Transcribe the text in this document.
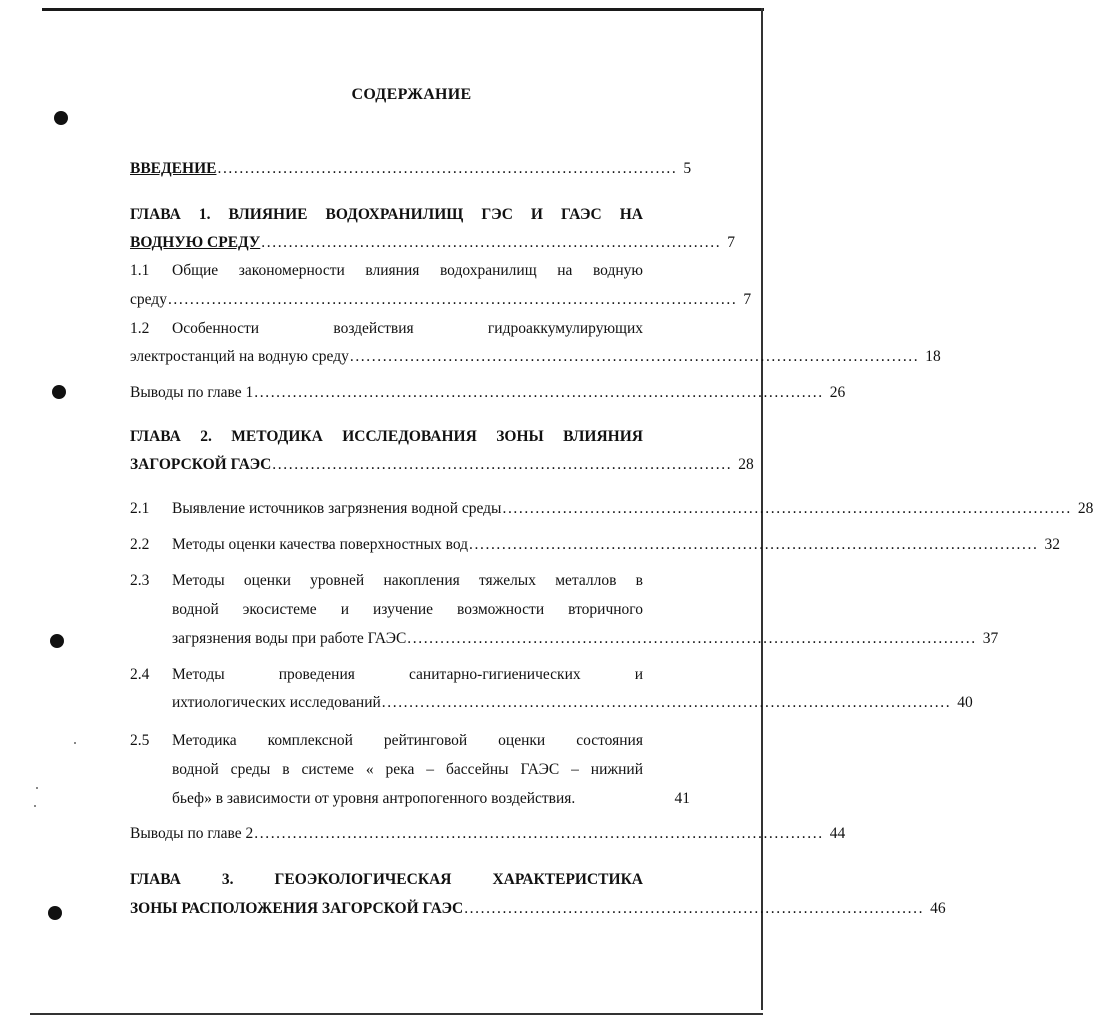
СОДЕРЖАНИЕ
ВВЕДЕНИЕ .................................................................................... 5
ГЛАВА 1. ВЛИЯНИЕ ВОДОХРАНИЛИЩ ГЭС И ГАЭС НА
ВОДНУЮ СРЕДУ .................................................................................... 7
1.1	Общие закономерности влияния водохранилищ на водную
среду ........................................................................................................ 7
1.2	Особенности воздействия гидроаккумулирующих
электростанций на водную среду ........................................................................................................ 18
Выводы по главе 1 ........................................................................................................ 26
ГЛАВА 2. МЕТОДИКА ИССЛЕДОВАНИЯ ЗОНЫ ВЛИЯНИЯ
ЗАГОРСКОЙ ГАЭС .................................................................................... 28
2.1	Выявление источников загрязнения водной среды ........................................................................................................ 28
2.2	Методы оценки качества поверхностных вод ........................................................................................................ 32
2.3	Методы оценки уровней накопления тяжелых металлов в
водной экосистеме и изучение возможности вторичного
загрязнения воды при работе ГАЭС ........................................................................................................ 37
2.4	Методы проведения санитарно-гигиенических и
ихтиологических исследований ........................................................................................................ 40
2.5	Методика комплексной рейтинговой оценки состояния
водной среды в системе « река – бассейны ГАЭС – нижний
бьеф» в зависимости от уровня антропогенного воздействия.	41
Выводы по главе 2 ........................................................................................................ 44
ГЛАВА 3. ГЕОЭКОЛОГИЧЕСКАЯ ХАРАКТЕРИСТИКА
ЗОНЫ РАСПОЛОЖЕНИЯ ЗАГОРСКОЙ ГАЭС .................................................................................... 46
